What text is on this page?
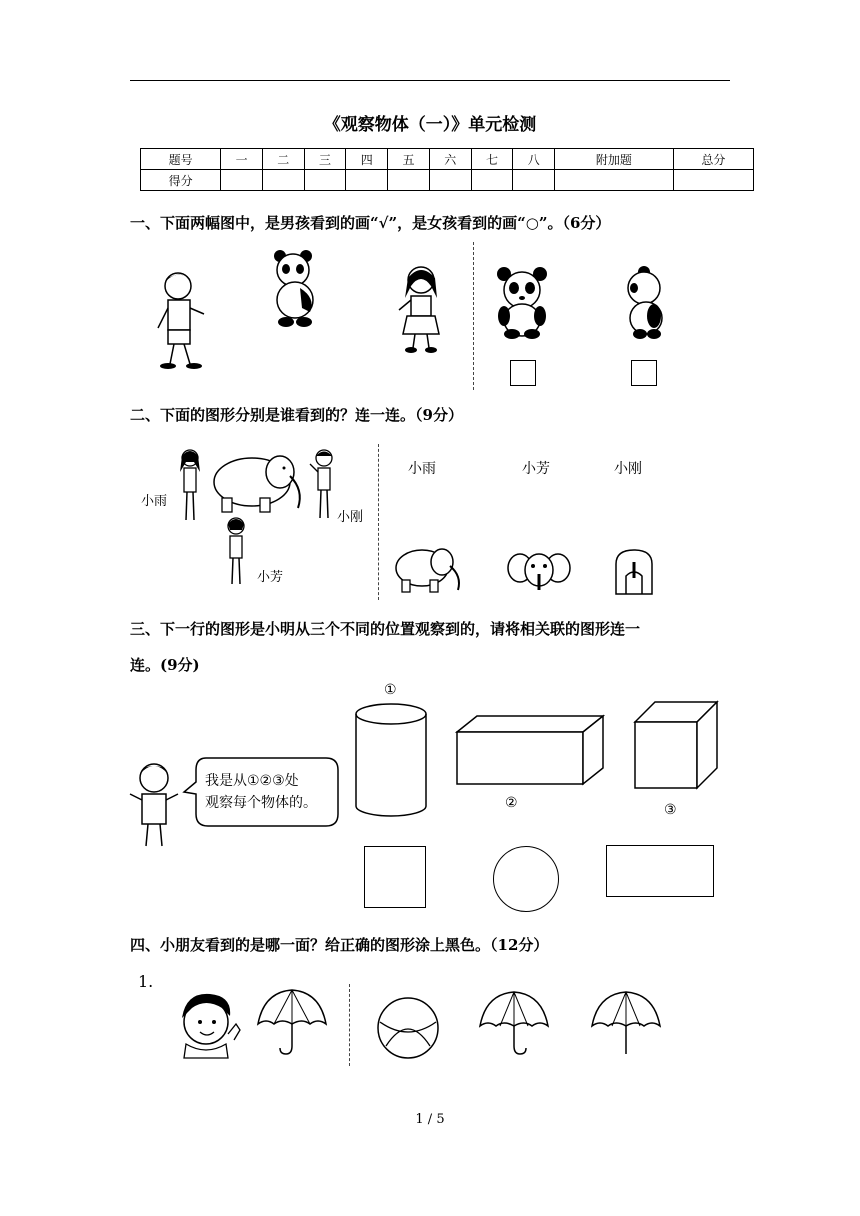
《观察物体（一）》单元检测
题号	一	二	三	四	五	六	七	八	附加题	总分
得分										
一、下面两幅图中，是男孩看到的画“√”，是女孩看到的画“○”。（6分）
二、下面的图形分别是谁看到的？连一连。（9分）
小雨
小刚
小芳
小雨	小芳	小刚
三、下一行的图形是小明从三个不同的位置观察到的，请将相关联的图形连一
连。(9分)
①
②	③
我是从①②③处
观察每个物体的。
四、小朋友看到的是哪一面？给正确的图形涂上黑色。（12分）
1.
1 / 5
